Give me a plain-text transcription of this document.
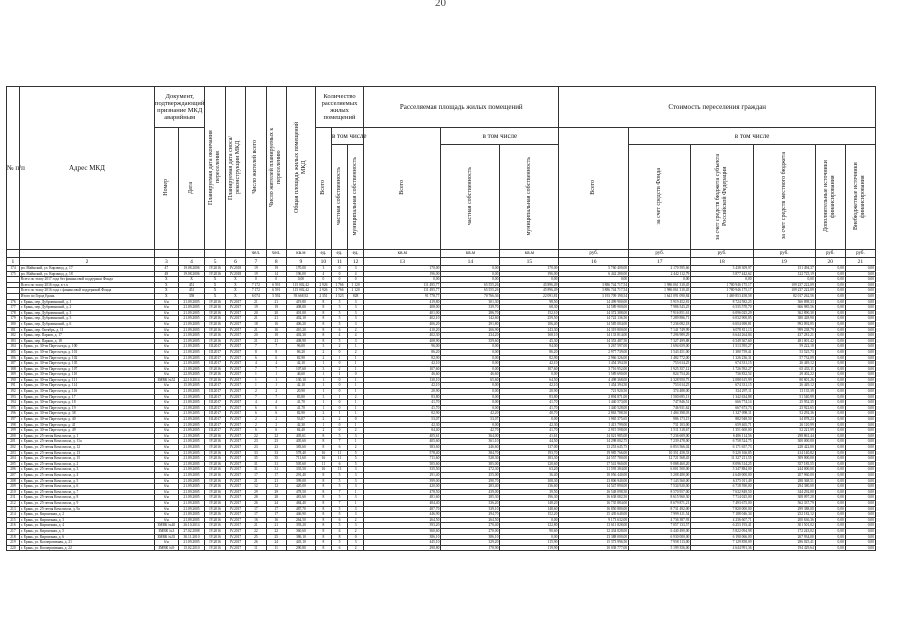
20
№ п/п	Адрес МКД	Документ, подтверждающий признание МКД аварийным		Планируемая дата окончания переселения	Планируемая дата сноса/реконструкции МКД	Число жителей всего	Число жителей планируемых к переселению	Общая площадь жилых помещений МКД	Количество расселяемых жилых помещений			Расселяемая площадь жилых помещений			Стоимость переселения граждан					
		Номер	Дата						Всего	в том числе		Всего	в том числе		Всего	в том числе				
										частная собственность	муниципальная собственность		частная собственность	муниципальная собственность		за счет средств Фонда	за счет средств бюджета субъекта Российской Федерации	за счет средств местного бюджета	Дополнительные источники финансирования	Внебюджетные источники финансирования
						чел.	чел.	кв.м	ед.	ед.	ед.	кв.м	кв.м	кв.м	руб.	руб.	руб.	руб.	руб.	руб.
1	2	3	4	5	6	7	8	9	10	11	12	13	14	15	16	17	18	19	20	21
174	рп. Майнский, ул. Кирзавод, д. 17	47	19.08.2006	IV.2016	IV.2018	19	19	170,00	3	0	3	170,00	0,00	170,00	5 760 400,00	2 170 595,66	3 438 309,97	151 494,37	0,00	0,00
175	рп. Майнский, ул. Кирзавод, д. 18	48	19.08.2006	IV.2016	IV.2018	19	14	196,00	4	0	4	196,00	0,00	196,00	6 442 280,00	2 442 112,79	3 877 442,62	122 725,19	0,00	0,00
	Всего по этапу 2017 года без финансовой поддержки Фонда	X	X	X	X	0	0	0,00	0	0	0	0,00	0,00	0,00	0,00	0,00	0,00	0,00	0,00	0,00
	Всего по этапу 2016 года, в т.ч.	X	451	X	X	7 172	6 591	115 002,42	2 926	1 766	1 120	111 495,77	65 555,26	45 896,49	3 886 744 717,54	1 986 061 310,45	1 780 946 175,17	109 237 222,09	0,00	0,00
	Всего по этапу 2016 года с финансовой поддержкой Фонда	X	451	X	X	7 172	6 591	115 002,42	2 926	1 766	1 120	111 495,77	65 555,26	45 896,49	3 886 744 717,54	1 986 061 310,45	1 780 946 175,17	109 237 222,09	0,00	0,00
	Итого по Город Ерань	X	358	X	X	6 074	5 592	93 668,92	2 351	1 523	828	91 778,77	70 766,36	22 091,81	3 193 709 190,54	1 641 091 090,84	1 469 853 458,58	82 017 262,56	0,00	0,00
176	г. Ерань, пер. Дубровинский, д. 1	б/н	21.09.2005	IV.2016	IV.2017	21	21	419,80	8	5	3	419,80	301,30	98,50	14 499 900,00	5 919 452,81	8 724 582,25	366 898,33	0,00	0,00
177	г. Ерань, пер. Дубровинский, д. 2	б/н	21.09.2005	IV.2016	IV.2017	19	19	408,00	8	5	3	408,00	339,70	68,30	14 589 900,00	7 986 543,25	6 535 570,70	666 985,56	0,00	0,00
178	г. Ерань, пер. Дубровинский, д. 3	б/н	21.09.2005	IV.2016	IV.2017	20	20	401,00	8	5	3	401,00	286,70	152,10	14 372 388,00	7 916 851,61	6 096 025,29	362 890,30	0,00	0,00
179	г. Ерань, пер. Дубровинский, д. 5	б/н	21.09.2005	IV.2016	IV.2017	21	21	402,10	8	5	3	402,10	142,60	259,50	14 722 136,50	7 289 886,71	6 032 900,85	380 428,90	0,00	0,00
180	г. Ерань, пер. Дубровинский, д. 6	б/н	21.09.2005	IV.2016	IV.2017	18	16	406,20	8	5	3	406,20	291,80	106,40	14 585 004,00	7 236 082,18	6 654 698,81	992 092,85	0,00	0,00
181	г. Ерань, пер. Октябрь, д. 11	б/н	21.09.2005	IV.2016	IV.2017	21	16	410,20	8	6	2	410,20	266,90	143,30	14 319 800,00	7 141 749,99	6 078 811,13	999 238,79	0,00	0,00
182	г. Ерань, пер. Парков, д. 17	б/н	21.09.2005	IV.2016	IV.2017	20	18	402,30	8	4	4	402,30	234,20	168,10	14 133 814,00	7 296 989,29	6 644 264,84	437 281,21	0,00	0,00
183	г. Ерань, пер. Парков, д. 18	б/н	21.09.2005	IV.2016	IV.2017	21	21	408,90	8	5	3	408,90	359,60	45,30	14 353 487,50	7 327 499,88	6 549 367,60	481 001,42	0,00	0,00
184	г. Ерань, ул. 30-ти Партсъезда, д. 100	б/н	21.09.2005	III.2017	IV.2017	7	7	96,00	3	2	1	96,00	0,00	94,00	3 267 597,00	1 694 659,00	1 513 595,27	59 222,18	0,00	0,00
185	г. Ерань, ул. 30-ти Партсъезда, д. 101	б/н	21.09.2005	III.2017	IV.2017	8	8	86,20	2	0	2	86,20	0,00	86,20	2 977 739,00	1 543 451,00	1 380 759,41	53 525,73	0,00	0,00
186	г. Ерань, ул. 30-ти Партсъезда, д. 102	б/н	21.09.2005	III.2017	IV.2017	6	6	82,90	2	1	1	82,90	0,00	82,90	2 966 326,00	1 482 772,00	1 326 236,31	57 732,09	0,00	0,00
187	г. Ерань, ул. 30-ти Партсъезда, д. 105	б/н	21.09.2005	III.2017	IV.2017	4	4	42,10	1	0	1	42,10	0,00	42,10	1 454 394,50	753 614,25	674 331,15	26 449,12	0,00	0,00
188	г. Ерань, ул. 30-ти Партсъезда, д. 107	б/н	21.09.2005	IV.2016	IV.2017	7	7	107,60	3	2	1	107,60	0,00	107,60	3 716 952,00	1 925 357,12	1 726 592,27	65 433,11	0,00	0,00
189	г. Ерань, ул. 30-ти Партсъезда, д. 110	б/н	22.09.2005	IV.2016	IV.2017	1	1	46,60	1	1	0	46,60	46,60	0,00	1 589 690,00	824 754,26	736 832,52	28 402,22	0,00	0,00
190	г. Ерань, ул. 30-ти Партсъезда, д. 111	ЗМВК №52	22.10.2014	IV.2016	IV.2017	1	1	130,10	1	0	1	130,10	65,60	64,50	4 498 368,00	2 328 950,75	2 088 615,99	80 801,26	0,00	0,00
191	г. Ерань, ул. 30-ти Партсъезда, д. 114	б/н	15.09.2005	III.2017	IV.2017	1	1	42,10	1	0	1	42,10	0,00	42,10	1 454 394,50	753 614,25	674 331,15	26 449,12	0,00	0,00
192	г. Ерань, ул. 30-ти Партсъезда, д. 116	б/н	21.09.2005	III.2017	IV.2017	2	2	20,90	1	0	1	20,90	0,00	20,90	721 920,50	374 488,00	334 297,11	13 135,39	0,00	0,00
193	г. Ерань, ул. 30-ти Партсъезда, д. 17	б/н	21.09.2005	III.2017	IV.2017	7	7	83,80	3	1	2	83,80	0,00	83,80	2 894 871,00	1 500 695,13	1 342 634,88	51 540,99	0,00	0,00
194	г. Ерань, ул. 30-ти Партсъезда, д. 18	б/н	21.09.2005	III.2017	IV.2017	4	4	41,70	1	0	1	41,70	0,00	41,70	1 440 573,00	747 846,51	666 774,14	25 952,35	0,00	0,00
195	г. Ерань, ул. 30-ти Партсъезда, д. 19	б/н	21.09.2005	III.2017	IV.2017	6	6	41,70	1	0	1	41,70	0,00	41,70	1 440 528,00	746 931,62	667 673,73	25 922,65	0,00	0,00
196	г. Ерань, ул. 30-ти Партсъезда, д. 38	б/н	21.09.2005	III.2017	IV.2017	6	6	82,90	2	1	1	82,90	42,20	40,70	2 863 788,50	1 484 398,03	1 327 098,11	52 292,36	0,00	0,00
197	г. Ерань, ул. 30-ти Партсъезда, д. 40	б/н	21.09.2005	III.2017	IV.2017	2	2	53,07	2	2	0	53,07	53,07	0,00	1 965 375,65	986 173,15	882 948,50	34 878,23	0,00	0,00
198	г. Ерань, ул. 30-ти Партсъезда, д. 41	б/н	21.09.2005	III.2017	IV.2017	2	2	42,30	1	0	1	42,30	0,00	42,30	1 413 799,00	731 103,00	659 465,71	26 110,99	0,00	0,00
199	г. Ерань, ул. 30-ти Партсъезда, д. 49	б/н	21.09.2005	III.2017	IV.2017	6	6	84,40	2	0	2	84,40	42,70	41,70	2 915 598,00	1 511 318,67	1 351 600,00	52 221,99	0,00	0,00
200	г. Ерань, ул. 25-летия Комсомола, д. 1	б/н	21.09.2005	IV.2016	IV.2017	22	22	405,61	8	5	3	405,61	364,00	41,61	14 021 985,00	7 236 609,00	6 486 114,56	298 861,44	0,00	0,00
201	г. Ерань, ул. 25-летия Комсомола, д. 11а	б/н	21.09.2005	IV.2016	IV.2017	23	23	405,60	8	7	1	405,60	361,10	44,50	14 298 002,75	7 239 478,00	6 758 524,75	300 000,00	0,00	0,00
202	г. Ерань, ул. 25-летия Комсомола, д. 12	б/н	21.09.2005	IV.2016	IV.2017	23	23	383,60	8	6	2	383,60	246,60	137,00	13 253 645,75	6 853 566,02	6 171 657,73	228 422,00	0,00	0,00
203	г. Ерань, ул. 25-летия Комсомола, д. 13	б/н	21.09.2005	IV.2016	IV.2017	33	33	578,40	16	11	5	578,40	384,70	193,70	19 985 766,00	10 351 458,33	9 220 166,85	414 140,82	0,00	0,00
204	г. Ерань, ул. 25-летия Комсомола, д. 15	б/н	21.09.2005	IV.2016	IV.2017	35	35	711,60	16	11	5	711,60	528,30	183,30	24 557 780,00	12 721 568,45	11 327 211,55	509 000,00	0,00	0,00
205	г. Ерань, ул. 25-летия Комсомола, д. 2	б/н	21.09.2005	IV.2016	IV.2017	31	31	505,60	11	6	5	505,60	385,00	120,60	17 541 960,00	9 088 460,20	8 096 314,25	357 185,55	0,00	0,00
206	г. Ерань, ул. 25-летия Комсомола, д. 3	б/н	21.09.2005	IV.2016	IV.2017	31	31	335,50	16	13	3	335,50	272,30	63,20	11 593 384,00	6 001 500,00	5 347 884,00	244 000,00	0,00	0,00
207	г. Ерань, ул. 25-летия Комсомола, д. 4	б/н	21.09.2005	IV.2016	IV.2017	17	17	291,40	8	5	3	291,40	255,00	36,40	10 056 440,00	5 208 480,00	4 640 000,00	207 960,00	0,00	0,00
208	г. Ерань, ул. 25-летия Комсомола, д. 5	б/н	21.09.2005	IV.2016	IV.2017	21	21	399,00	8	5	3	399,00	290,70	108,30	13 806 940,00	7 143 560,00	6 375 011,49	288 368,51	0,00	0,00
209	г. Ерань, ул. 25-летия Комсомола, д. 6	б/н	21.09.2005	IV.2016	IV.2017	12	12	420,00	8	5	3	420,00	283,40	136,60	14 547 890,00	7 534 920,00	6 718 590,00	294 380,00	0,00	0,00
210	г. Ерань, ул. 25-летия Комсомола, д. 7	б/н	21.09.2005	IV.2016	IV.2017	29	29	478,50	8	7	1	478,50	439,00	39,50	16 548 098,50	8 570 957,00	7 632 849,50	344 292,00	0,00	0,00
211	г. Ерань, ул. 25-летия Комсомола, д. 8	б/н	21.09.2005	IV.2016	IV.2017	28	28	481,60	8	5	3	481,60	285,30	196,30	16 638 082,50	8 615 960,30	7 714 025,00	308 097,20	0,00	0,00
212	г. Ерань, ул. 25-летия Комсомола, д. 9	б/н	21.09.2005	IV.2016	IV.2017	26	24	484,40	8	7	1	484,40	336,20	148,20	16 735 884,00	8 679 871,21	7 493 675,00	562 337,79	0,00	0,00
213	г. Ерань, ул. 25-летия Комсомола, д. 9а	б/н	21.09.2005	IV.2016	IV.2017	17	17	487,70	8	5	3	487,70	339,10	148,60	16 850 880,00	8 731 492,00	7 820 000,00	299 388,00	0,00	0,00
214	г. Ерань, ул. Кирпичная, д. 2	б/н	21.09.2005	IV.2016	IV.2017	17	17	446,90	8	5	3	446,90	294,70	152,20	15 439 640,00	7 999 411,54	7 188 046,34	252 182,12	0,00	0,00
215	г. Ерань, ул. Кирпичная, д. 3	б/н	21.09.2005	IV.2016	IV.2017	16	16	264,50	8	6	2	264,50	264,50	0,00	9 173 632,00	4 736 387,93	4 236 607,71	200 636,36	0,00	0,00
216	г. Ерань, ул. Кирпичная, д. 4	ЗМВК №40	26.10.2014	IV.2016	IV.2017	21	21	393,20	8	5	3	393,20	270,40	122,80	13 611 828,00	7 057 133,57	6 253 193,41	301 501,02	0,00	0,00
217	г. Ерань, ул. Кирпичная, д. 5	ЗМВК №3	27.02.2008	IV.2016	IV.2017	22	22	360,60	8	6	2	360,60	270,00	90,60	12 434 828,00	6 440 490,00	5 822 094,98	172 243,02	0,00	0,00
218	г. Ерань, ул. Кирпичная, д. 6	ЗМВК №35	30.11.2010	IV.2016	IV.2017	25	25	386,10	8	8	0	386,10	386,10	0,00	13 388 000,00	6 930 000,00	6 190 066,00	267 934,00	0,00	0,00
219	г. Ерань, ул. Кооперативная, д. 21	б/н	21.09.2005	IV.2016	IV.2017	26	24	445,10	8	5	3	445,10	329,20	115,90	15 373 996,50	7 958 113,00	7 129 858,09	286 025,41	0,00	0,00
220	г. Ерань, ул. Кооперативная, д. 22	ЗМВК №9	15.02.2010	IV.2016	IV.2017	11	11	290,80	8	6	2	290,80	170,90	119,90	10 038 777,00	5 199 356,00	4 644 991,36	194 429,64	0,00	0,00
